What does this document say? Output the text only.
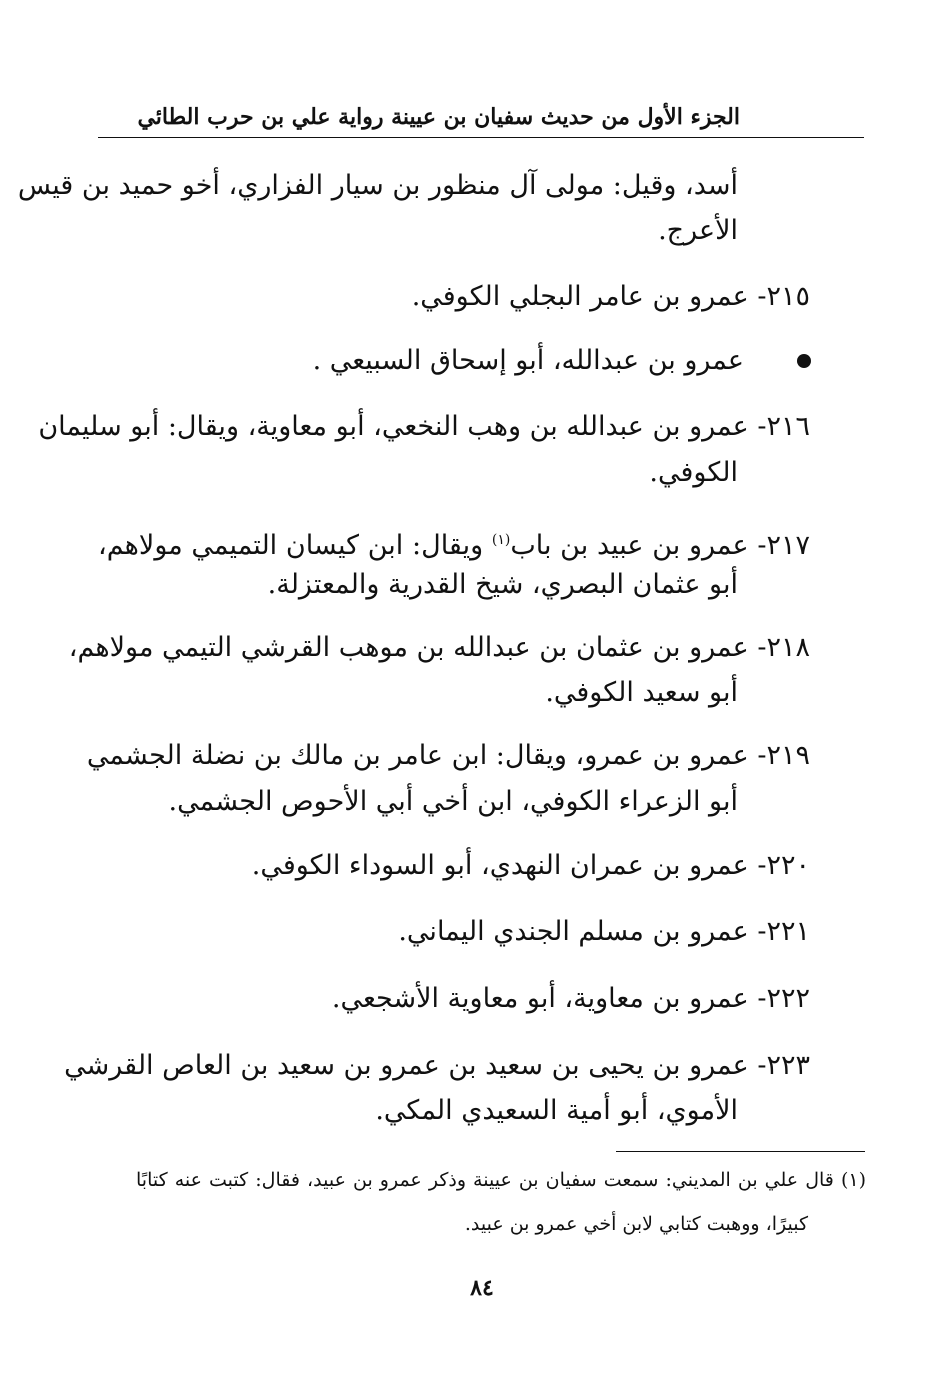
الجزء الأول من حديث سفيان بن عيينة رواية علي بن حرب الطائي
أسد، وقيل: مولى آل منظور بن سيار الفزاري، أخو حميد بن قيس
الأعرج.
٢١٥- عمرو بن عامر البجلي الكوفي.
عمرو بن عبدالله، أبو إسحاق السبيعي .
٢١٦- عمرو بن عبدالله بن وهب النخعي، أبو معاوية، ويقال: أبو سليمان
الكوفي.
٢١٧- عمرو بن عبيد بن باب$^{(١)}$ ويقال: ابن كيسان التميمي مولاهم،
أبو عثمان البصري، شيخ القدرية والمعتزلة.
٢١٨- عمرو بن عثمان بن عبدالله بن موهب القرشي التيمي مولاهم،
أبو سعيد الكوفي.
٢١٩- عمرو بن عمرو، ويقال: ابن عامر بن مالك بن نضلة الجشمي
أبو الزعراء الكوفي، ابن أخي أبي الأحوص الجشمي.
٢٢٠- عمرو بن عمران النهدي، أبو السوداء الكوفي.
٢٢١- عمرو بن مسلم الجندي اليماني.
٢٢٢- عمرو بن معاوية، أبو معاوية الأشجعي.
٢٢٣- عمرو بن يحيى بن سعيد بن عمرو بن سعيد بن العاص القرشي
الأموي، أبو أمية السعيدي المكي.
(١) قال علي بن المديني: سمعت سفيان بن عيينة وذكر عمرو بن عبيد، فقال: كتبت عنه كتابًا
كبيرًا، ووهبت كتابي لابن أخي عمرو بن عبيد.
٨٤
